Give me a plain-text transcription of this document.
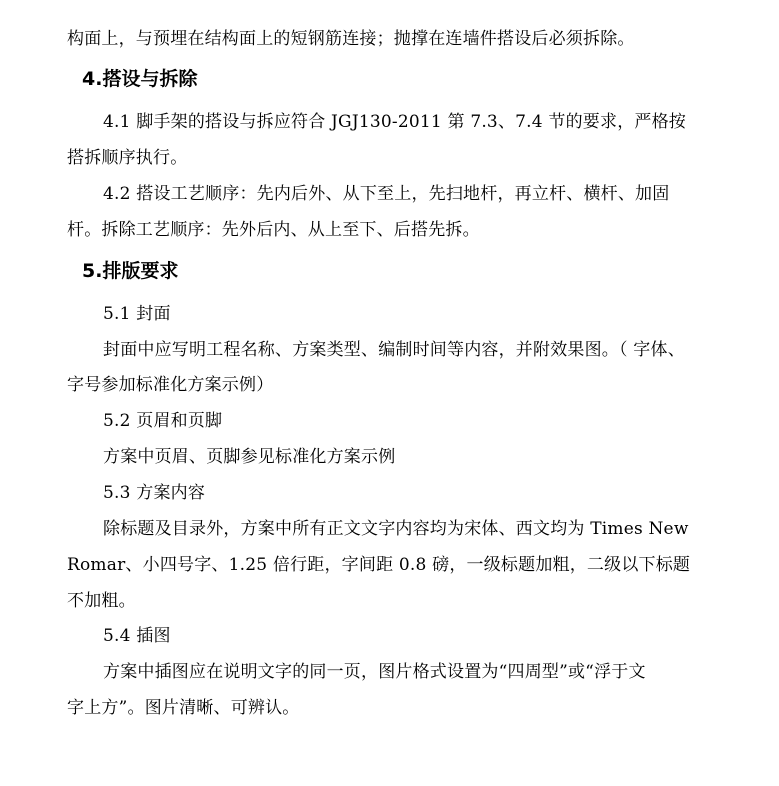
构面上，与预埋在结构面上的短钢筋连接；抛撑在连墙件搭设后必须拆除。
4.搭设与拆除
4.1 脚手架的搭设与拆应符合 JGJ130-2011 第 7.3、7.4 节的要求，严格按
搭拆顺序执行。
4.2 搭设工艺顺序：先内后外、从下至上，先扫地杆，再立杆、横杆、加固
杆。拆除工艺顺序：先外后内、从上至下、后搭先拆。
5.排版要求
5.1 封面
封面中应写明工程名称、方案类型、编制时间等内容，并附效果图。（ 字体、
字号参加标准化方案示例）
5.2 页眉和页脚
方案中页眉、页脚参见标准化方案示例
5.3 方案内容
除标题及目录外，方案中所有正文文字内容均为宋体、西文均为 Times New
Romar、小四号字、1.25 倍行距，字间距 0.8 磅，一级标题加粗，二级以下标题
不加粗。
5.4 插图
方案中插图应在说明文字的同一页，图片格式设置为“四周型”或“浮于文
字上方”。图片清晰、可辨认。
